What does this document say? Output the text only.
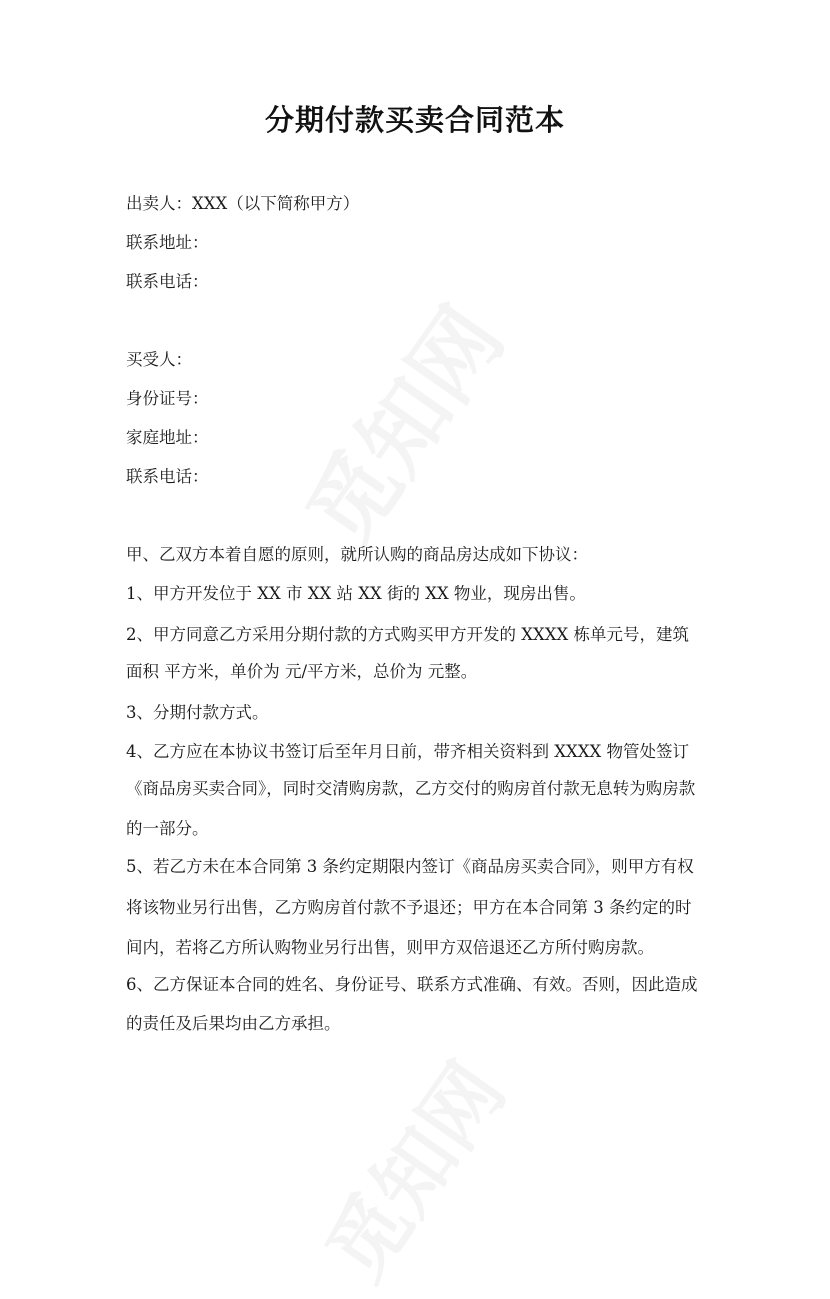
分期付款买卖合同范本
出卖人：XXX（以下简称甲方）
联系地址：
联系电话：
买受人：
身份证号：
家庭地址：
联系电话：
甲、乙双方本着自愿的原则，就所认购的商品房达成如下协议：
1、甲方开发位于 XX 市 XX 站 XX 街的 XX 物业，现房出售。
2、甲方同意乙方采用分期付款的方式购买甲方开发的 XXXX 栋单元号，建筑
面积 平方米，单价为 元/平方米，总价为 元整。
3、分期付款方式。
4、乙方应在本协议书签订后至年月日前，带齐相关资料到 XXXX 物管处签订
《商品房买卖合同》，同时交清购房款，乙方交付的购房首付款无息转为购房款
的一部分。
5、若乙方未在本合同第 3 条约定期限内签订《商品房买卖合同》，则甲方有权
将该物业另行出售，乙方购房首付款不予退还；甲方在本合同第 3 条约定的时
间内，若将乙方所认购物业另行出售，则甲方双倍退还乙方所付购房款。
6、乙方保证本合同的姓名、身份证号、联系方式准确、有效。否则，因此造成
的责任及后果均由乙方承担。
